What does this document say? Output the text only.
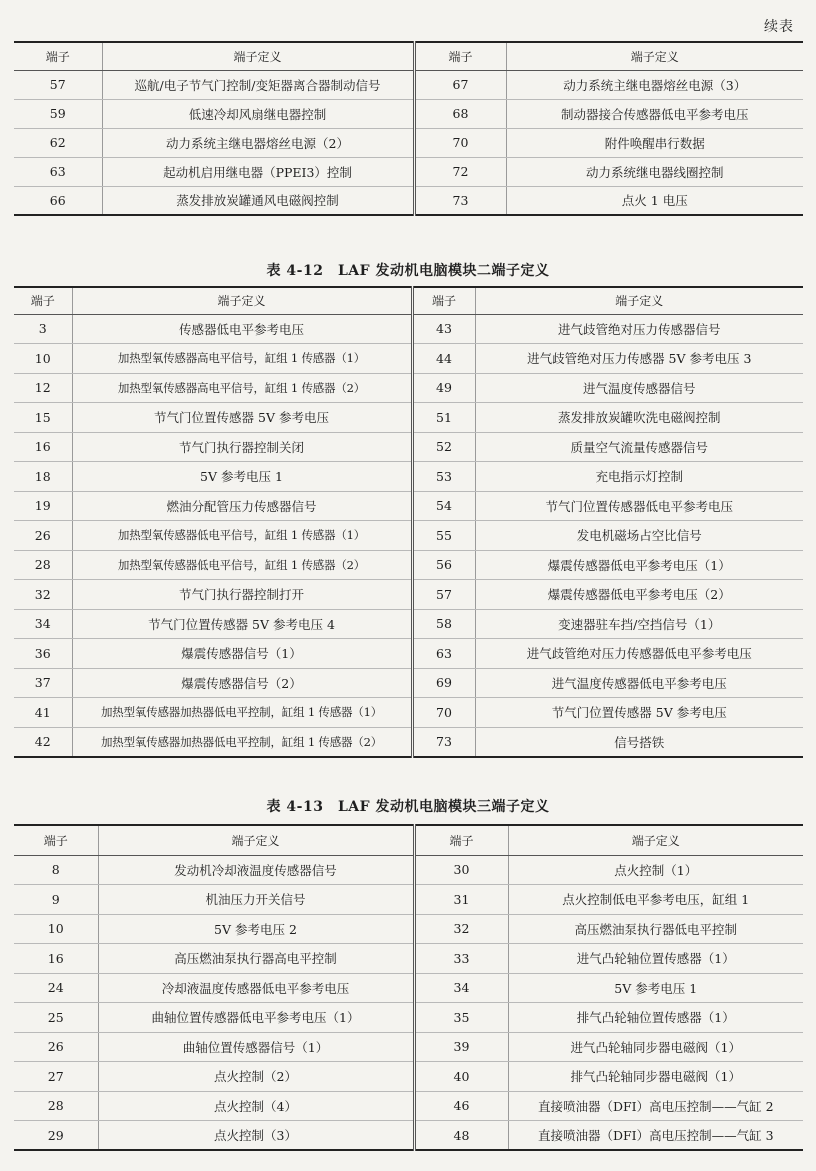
续表
端子	端子定义	端子	端子定义
57	巡航/电子节气门控制/变矩器离合器制动信号	67	动力系统主继电器熔丝电源（3）
59	低速冷却风扇继电器控制	68	制动器接合传感器低电平参考电压
62	动力系统主继电器熔丝电源（2）	70	附件唤醒串行数据
63	起动机启用继电器（PPEI3）控制	72	动力系统继电器线圈控制
66	蒸发排放炭罐通风电磁阀控制	73	点火 1 电压
表 4-12　LAF 发动机电脑模块二端子定义
端子	端子定义	端子	端子定义
3	传感器低电平参考电压	43	进气歧管绝对压力传感器信号
10	加热型氧传感器高电平信号，缸组 1 传感器（1）	44	进气歧管绝对压力传感器 5V 参考电压 3
12	加热型氧传感器高电平信号，缸组 1 传感器（2）	49	进气温度传感器信号
15	节气门位置传感器 5V 参考电压	51	蒸发排放炭罐吹洗电磁阀控制
16	节气门执行器控制关闭	52	质量空气流量传感器信号
18	5V 参考电压 1	53	充电指示灯控制
19	燃油分配管压力传感器信号	54	节气门位置传感器低电平参考电压
26	加热型氧传感器低电平信号，缸组 1 传感器（1）	55	发电机磁场占空比信号
28	加热型氧传感器低电平信号，缸组 1 传感器（2）	56	爆震传感器低电平参考电压（1）
32	节气门执行器控制打开	57	爆震传感器低电平参考电压（2）
34	节气门位置传感器 5V 参考电压 4	58	变速器驻车挡/空挡信号（1）
36	爆震传感器信号（1）	63	进气歧管绝对压力传感器低电平参考电压
37	爆震传感器信号（2）	69	进气温度传感器低电平参考电压
41	加热型氧传感器加热器低电平控制，缸组 1 传感器（1）	70	节气门位置传感器 5V 参考电压
42	加热型氧传感器加热器低电平控制，缸组 1 传感器（2）	73	信号搭铁
表 4-13　LAF 发动机电脑模块三端子定义
端子	端子定义	端子	端子定义
8	发动机冷却液温度传感器信号	30	点火控制（1）
9	机油压力开关信号	31	点火控制低电平参考电压，缸组 1
10	5V 参考电压 2	32	高压燃油泵执行器低电平控制
16	高压燃油泵执行器高电平控制	33	进气凸轮轴位置传感器（1）
24	冷却液温度传感器低电平参考电压	34	5V 参考电压 1
25	曲轴位置传感器低电平参考电压（1）	35	排气凸轮轴位置传感器（1）
26	曲轴位置传感器信号（1）	39	进气凸轮轴同步器电磁阀（1）
27	点火控制（2）	40	排气凸轮轴同步器电磁阀（1）
28	点火控制（4）	46	直接喷油器（DFI）高电压控制——气缸 2
29	点火控制（3）	48	直接喷油器（DFI）高电压控制——气缸 3
